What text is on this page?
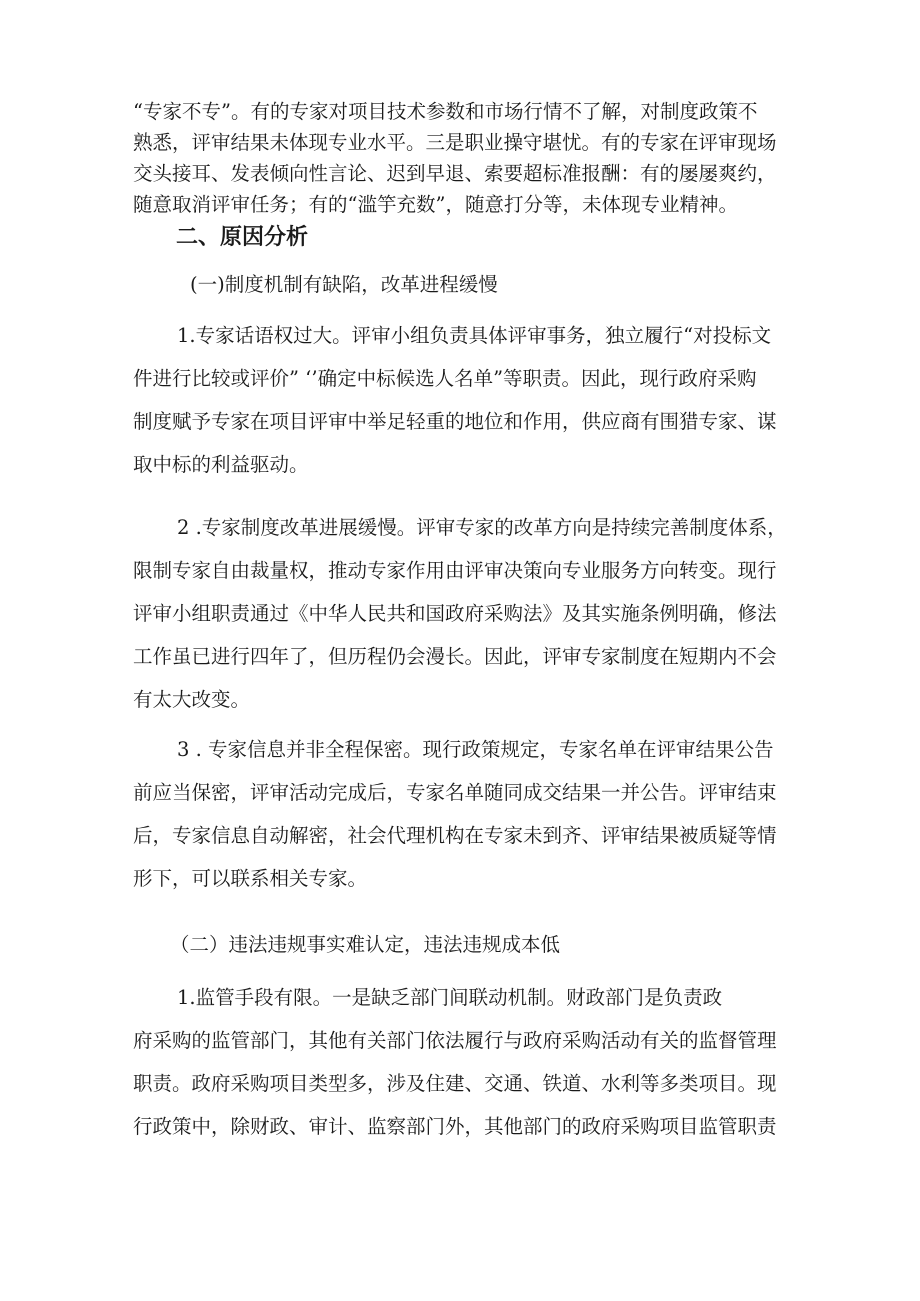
“专家不专”。有的专家对项目技术参数和市场行情不了解，对制度政策不
熟悉，评审结果未体现专业水平。三是职业操守堪忧。有的专家在评审现场
交头接耳、发表倾向性言论、迟到早退、索要超标准报酬：有的屡屡爽约，
随意取消评审任务；有的“滥竽充数”，随意打分等，未体现专业精神。
二、原因分析

(一)制度机制有缺陷，改革进程缓慢

1.专家话语权过大。评审小组负责具体评审事务，独立履行“对投标文
件进行比较或评价” ‘’确定中标候选人名单”等职责。因此，现行政府采购
制度赋予专家在项目评审中举足轻重的地位和作用，供应商有围猎专家、谋
取中标的利益驱动。
2 .专家制度改革进展缓慢。评审专家的改革方向是持续完善制度体系，
限制专家自由裁量权，推动专家作用由评审决策向专业服务方向转变。现行
评审小组职责通过《中华人民共和国政府采购法》及其实施条例明确，修法
工作虽已进行四年了，但历程仍会漫长。因此，评审专家制度在短期内不会
有太大改变。
3 . 专家信息并非全程保密。现行政策规定，专家名单在评审结果公告
前应当保密，评审活动完成后，专家名单随同成交结果一并公告。评审结束
后，专家信息自动解密，社会代理机构在专家未到齐、评审结果被质疑等情
形下，可以联系相关专家。

（二）违法违规事实难认定，违法违规成本低

1.监管手段有限。一是缺乏部门间联动机制。财政部门是负责政
府采购的监管部门，其他有关部门依法履行与政府采购活动有关的监督管理
职责。政府采购项目类型多，涉及住建、交通、铁道、水利等多类项目。现
行政策中，除财政、审计、监察部门外，其他部门的政府采购项目监管职责
